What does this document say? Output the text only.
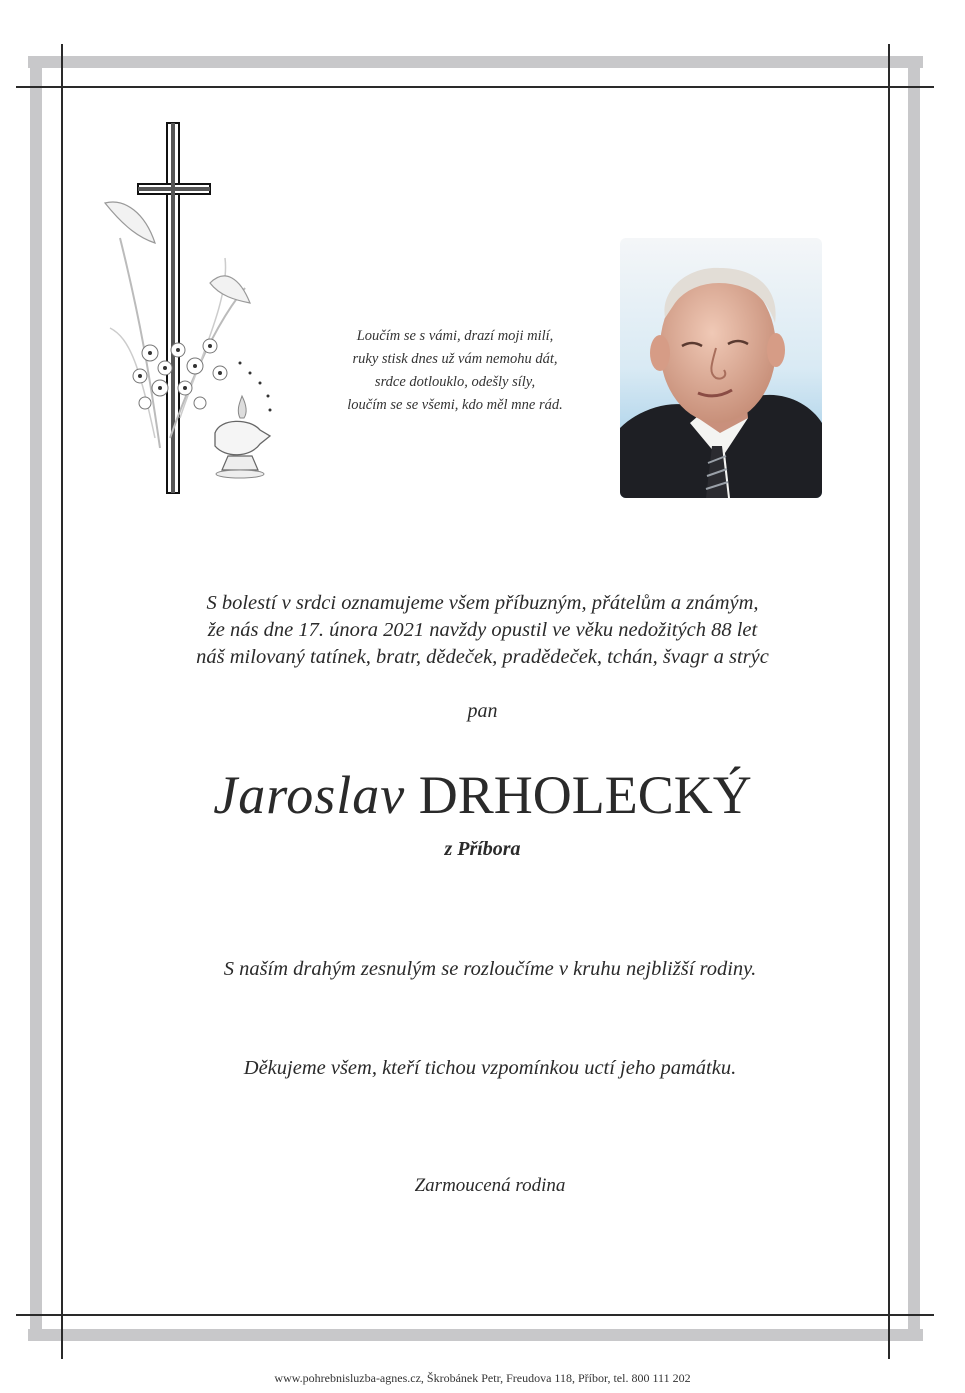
Loučím se s vámi, drazí moji milí,
ruky stisk dnes už vám nemohu dát,
srdce dotlouklo, odešly síly,
loučím se se všemi, kdo měl mne rád.
S bolestí v srdci oznamujeme všem příbuzným, přátelům a známým,
že nás dne 17. února 2021 navždy opustil ve věku nedožitých 88 let
náš milovaný tatínek, bratr, dědeček, pradědeček, tchán, švagr a strýc
pan
Jaroslav DRHOLECKÝ
z Příbora
S naším drahým zesnulým se rozloučíme v kruhu nejbližší rodiny.
Děkujeme všem, kteří tichou vzpomínkou uctí jeho památku.
Zarmoucená rodina
www.pohrebnisluzba-agnes.cz, Škrobánek Petr, Freudova 118, Příbor, tel. 800 111 202
